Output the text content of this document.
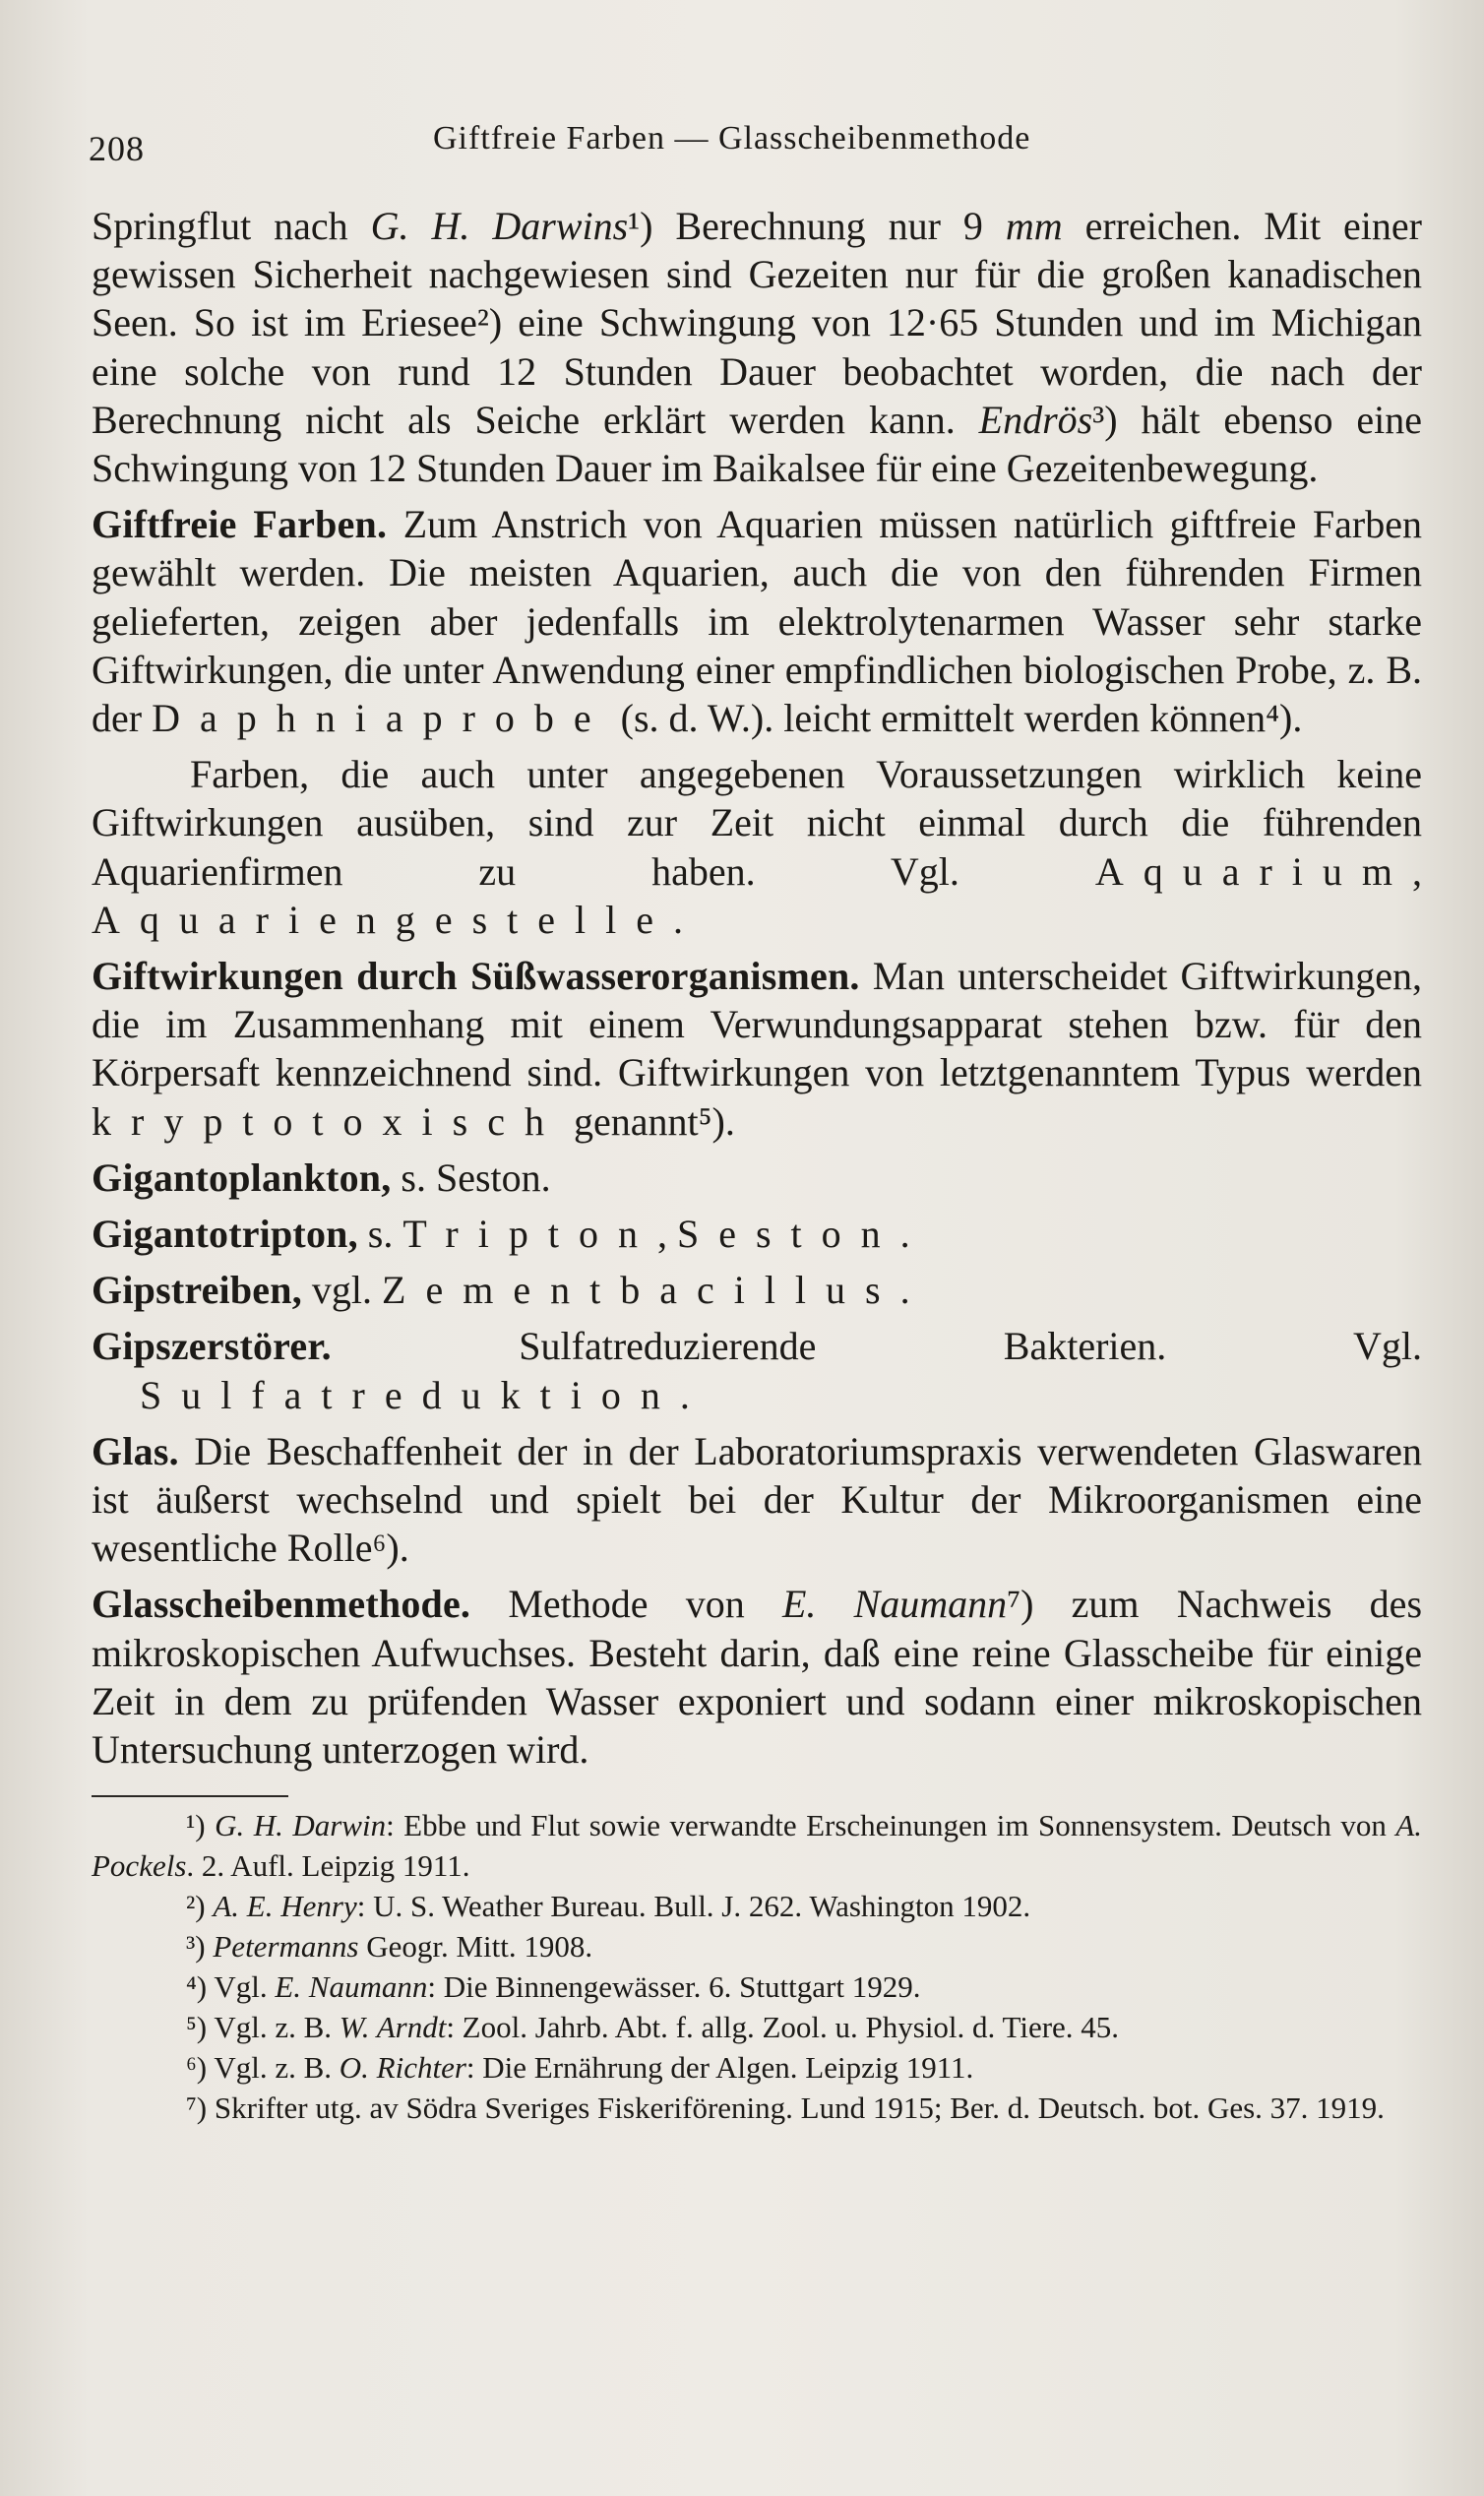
208	Giftfreie Farben — Glasscheibenmethode

Springflut nach G. H. Darwins¹) Berechnung nur 9 mm erreichen. Mit einer gewissen Sicherheit nachgewiesen sind Gezeiten nur für die großen kanadischen Seen. So ist im Eriesee²) eine Schwingung von 12·65 Stunden und im Michigan eine solche von rund 12 Stunden Dauer beobachtet worden, die nach der Berechnung nicht als Seiche erklärt werden kann. Endrös³) hält ebenso eine Schwingung von 12 Stunden Dauer im Baikalsee für eine Gezeitenbewegung.

Giftfreie Farben. Zum Anstrich von Aquarien müssen natürlich giftfreie Farben gewählt werden. Die meisten Aquarien, auch die von den führenden Firmen gelieferten, zeigen aber jedenfalls im elektrolytenarmen Wasser sehr starke Giftwirkungen, die unter Anwendung einer empfindlichen biologischen Probe, z. B. der Daphniaprobe (s. d. W.). leicht ermittelt werden können⁴).

Farben, die auch unter angegebenen Voraussetzungen wirklich keine Giftwirkungen ausüben, sind zur Zeit nicht einmal durch die führenden Aquarienfirmen zu haben. Vgl. Aquarium, Aquariengestelle.

Giftwirkungen durch Süßwasserorganismen. Man unterscheidet Giftwirkungen, die im Zusammenhang mit einem Verwundungsapparat stehen bzw. für den Körpersaft kennzeichnend sind. Giftwirkungen von letztgenanntem Typus werden kryptotoxisch genannt⁵).

Gigantoplankton, s. Seston.

Gigantotripton, s. Tripton, Seston.

Gipstreiben, vgl. Zementbacillus.

Gipszerstörer. Sulfatreduzierende Bakterien. Vgl. Sulfatreduktion.

Glas. Die Beschaffenheit der in der Laboratoriumspraxis verwendeten Glaswaren ist äußerst wechselnd und spielt bei der Kultur der Mikroorganismen eine wesentliche Rolle⁶).

Glasscheibenmethode. Methode von E. Naumann⁷) zum Nachweis des mikroskopischen Aufwuchses. Besteht darin, daß eine reine Glasscheibe für einige Zeit in dem zu prüfenden Wasser exponiert und sodann einer mikroskopischen Untersuchung unterzogen wird.

¹) G. H. Darwin: Ebbe und Flut sowie verwandte Erscheinungen im Sonnensystem. Deutsch von A. Pockels. 2. Aufl. Leipzig 1911.

²) A. E. Henry: U. S. Weather Bureau. Bull. J. 262. Washington 1902.

³) Petermanns Geogr. Mitt. 1908.

⁴) Vgl. E. Naumann: Die Binnengewässer. 6. Stuttgart 1929.

⁵) Vgl. z. B. W. Arndt: Zool. Jahrb. Abt. f. allg. Zool. u. Physiol. d. Tiere. 45.

⁶) Vgl. z. B. O. Richter: Die Ernährung der Algen. Leipzig 1911.

⁷) Skrifter utg. av Södra Sveriges Fiskeriförening. Lund 1915; Ber. d. Deutsch. bot. Ges. 37. 1919.
